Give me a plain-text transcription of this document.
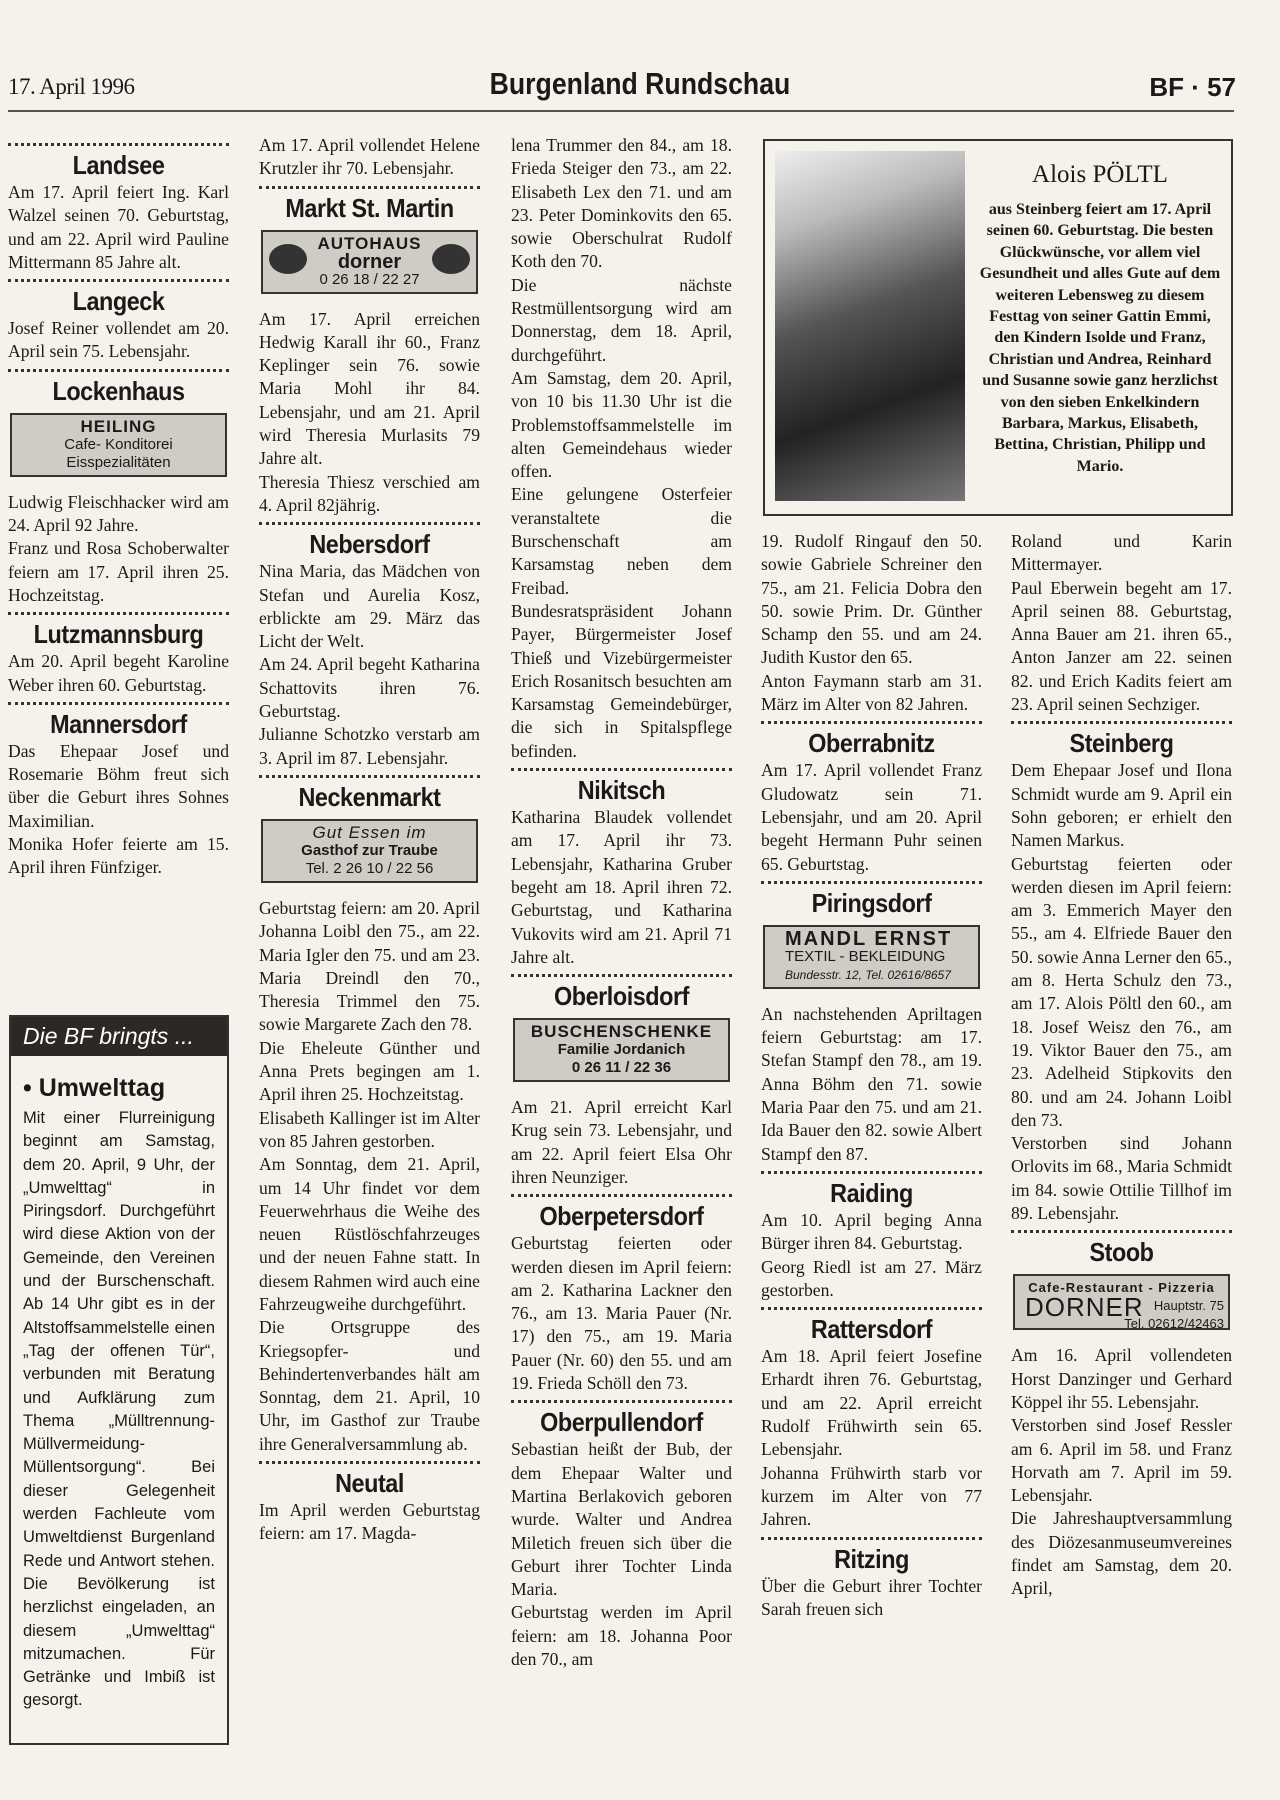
17. April 1996	Burgenland Rundschau	BF · 57
Landsee

Am 17. April feiert Ing. Karl Walzel seinen 70. Geburtstag, und am 22. April wird Pauline Mittermann 85 Jahre alt.

Langeck

Josef Reiner vollendet am 20. April sein 75. Lebensjahr.

Lockenhaus
HEILING
Cafe- Konditorei
Eisspezialitäten

Ludwig Fleischhacker wird am 24. April 92 Jahre.

Franz und Rosa Schoberwalter feiern am 17. April ihren 25. Hochzeitstag.

Lutzmannsburg

Am 20. April begeht Karoline Weber ihren 60. Geburtstag.

Mannersdorf

Das Ehepaar Josef und Rosemarie Böhm freut sich über die Geburt ihres Sohnes Maximilian.

Monika Hofer feierte am 15. April ihren Fünfziger.

Am 17. April vollendet Helene Krutzler ihr 70. Lebensjahr.

Markt St. Martin
AUTOHAUS
dorner
0 26 18 / 22 27

Am 17. April erreichen Hedwig Karall ihr 60., Franz Keplinger sein 76. sowie Maria Mohl ihr 84. Lebensjahr, und am 21. April wird Theresia Murlasits 79 Jahre alt.

Theresia Thiesz verschied am 4. April 82jährig.

Nebersdorf

Nina Maria, das Mädchen von Stefan und Aurelia Kosz, erblickte am 29. März das Licht der Welt.

Am 24. April begeht Katharina Schattovits ihren 76. Geburtstag.

Julianne Schotzko verstarb am 3. April im 87. Lebensjahr.

Neckenmarkt
Gut Essen im
Gasthof zur Traube
Tel. 2 26 10 / 22 56

Geburtstag feiern: am 20. April Johanna Loibl den 75., am 22. Maria Igler den 75. und am 23. Maria Dreindl den 70., Theresia Trimmel den 75. sowie Margarete Zach den 78.

Die Eheleute Günther und Anna Prets begingen am 1. April ihren 25. Hochzeitstag.

Elisabeth Kallinger ist im Alter von 85 Jahren gestorben.

Am Sonntag, dem 21. April, um 14 Uhr findet vor dem Feuerwehrhaus die Weihe des neuen Rüstlöschfahrzeuges und der neuen Fahne statt. In diesem Rahmen wird auch eine Fahrzeugweihe durchgeführt.

Die Ortsgruppe des Kriegsopfer- und Behindertenverbandes hält am Sonntag, dem 21. April, 10 Uhr, im Gasthof zur Traube ihre Generalversammlung ab.

Neutal

Im April werden Geburtstag feiern: am 17. Magda-

lena Trummer den 84., am 18. Frieda Steiger den 73., am 22. Elisabeth Lex den 71. und am 23. Peter Dominkovits den 65. sowie Oberschulrat Rudolf Koth den 70.

Die nächste Restmüllentsorgung wird am Donnerstag, dem 18. April, durchgeführt.

Am Samstag, dem 20. April, von 10 bis 11.30 Uhr ist die Problemstoffsammelstelle im alten Gemeindehaus wieder offen.

Eine gelungene Osterfeier veranstaltete die Burschenschaft am Karsamstag neben dem Freibad.

Bundesratspräsident Johann Payer, Bürgermeister Josef Thieß und Vizebürgermeister Erich Rosanitsch besuchten am Karsamstag Gemeindebürger, die sich in Spitalspflege befinden.

Nikitsch

Katharina Blaudek vollendet am 17. April ihr 73. Lebensjahr, Katharina Gruber begeht am 18. April ihren 72. Geburtstag, und Katharina Vukovits wird am 21. April 71 Jahre alt.

Oberloisdorf
BUSCHENSCHENKE
Familie Jordanich
0 26 11 / 22 36

Am 21. April erreicht Karl Krug sein 73. Lebensjahr, und am 22. April feiert Elsa Ohr ihren Neunziger.

Oberpetersdorf

Geburtstag feierten oder werden diesen im April feiern: am 2. Katharina Lackner den 76., am 13. Maria Pauer (Nr. 17) den 75., am 19. Maria Pauer (Nr. 60) den 55. und am 19. Frieda Schöll den 73.

Oberpullendorf

Sebastian heißt der Bub, der dem Ehepaar Walter und Martina Berlakovich geboren wurde. Walter und Andrea Miletich freuen sich über die Geburt ihrer Tochter Linda Maria.

Geburtstag werden im April feiern: am 18. Johanna Poor den 70., am

19. Rudolf Ringauf den 50. sowie Gabriele Schreiner den 75., am 21. Felicia Dobra den 50. sowie Prim. Dr. Günther Schamp den 55. und am 24. Judith Kustor den 65.

Anton Faymann starb am 31. März im Alter von 82 Jahren.

Oberrabnitz

Am 17. April vollendet Franz Gludowatz sein 71. Lebensjahr, und am 20. April begeht Hermann Puhr seinen 65. Geburtstag.

Piringsdorf
MANDL ERNST
TEXTIL - BEKLEIDUNG
Bundesstr. 12, Tel. 02616/8657

An nachstehenden Apriltagen feiern Geburtstag: am 17. Stefan Stampf den 78., am 19. Anna Böhm den 71. sowie Maria Paar den 75. und am 21. Ida Bauer den 82. sowie Albert Stampf den 87.

Raiding

Am 10. April beging Anna Bürger ihren 84. Geburtstag.

Georg Riedl ist am 27. März gestorben.

Rattersdorf

Am 18. April feiert Josefine Erhardt ihren 76. Geburtstag, und am 22. April erreicht Rudolf Frühwirth sein 65. Lebensjahr.

Johanna Frühwirth starb vor kurzem im Alter von 77 Jahren.

Ritzing

Über die Geburt ihrer Tochter Sarah freuen sich

Roland und Karin Mittermayer.

Paul Eberwein begeht am 17. April seinen 88. Geburtstag, Anna Bauer am 21. ihren 65., Anton Janzer am 22. seinen 82. und Erich Kadits feiert am 23. April seinen Sechziger.

Steinberg

Dem Ehepaar Josef und Ilona Schmidt wurde am 9. April ein Sohn geboren; er erhielt den Namen Markus.

Geburtstag feierten oder werden diesen im April feiern: am 3. Emmerich Mayer den 55., am 4. Elfriede Bauer den 50. sowie Anna Lerner den 65., am 8. Herta Schulz den 73., am 17. Alois Pöltl den 60., am 18. Josef Weisz den 76., am 19. Viktor Bauer den 75., am 23. Adelheid Stipkovits den 80. und am 24. Johann Loibl den 73.

Verstorben sind Johann Orlovits im 68., Maria Schmidt im 84. sowie Ottilie Tillhof im 89. Lebensjahr.

Stoob
Cafe-Restaurant - Pizzeria
DORNER Hauptstr. 75
Tel. 02612/42463

Am 16. April vollendeten Horst Danzinger und Gerhard Köppel ihr 55. Lebensjahr.

Verstorben sind Josef Ressler am 6. April im 58. und Franz Horvath am 7. April im 59. Lebensjahr.

Die Jahreshauptversammlung des Diözesanmuseumvereines findet am Samstag, dem 20. April,

Alois PÖLTL
aus Steinberg feiert am 17. April seinen 60. Geburtstag. Die besten Glückwünsche, vor allem viel Gesundheit und alles Gute auf dem weiteren Lebensweg zu diesem Festtag von seiner Gattin Emmi, den Kindern Isolde und Franz, Christian und Andrea, Reinhard und Susanne sowie ganz herzlichst von den sieben Enkelkindern Barbara, Markus, Elisabeth, Bettina, Christian, Philipp und Mario.
Die BF bringts ...
• Umwelttag
Mit einer Flurreinigung beginnt am Samstag, dem 20. April, 9 Uhr, der „Umwelttag“ in Piringsdorf. Durchgeführt wird diese Aktion von der Gemeinde, den Vereinen und der Burschenschaft. Ab 14 Uhr gibt es in der Altstoffsammelstelle einen „Tag der offenen Tür“, verbunden mit Beratung und Aufklärung zum Thema „Mülltrennung-Müllvermeidung-Müllentsorgung“. Bei dieser Gelegenheit werden Fachleute vom Umweltdienst Burgenland Rede und Antwort stehen. Die Bevölkerung ist herzlichst eingeladen, an diesem „Umwelttag“ mitzumachen. Für Getränke und Imbiß ist gesorgt.
